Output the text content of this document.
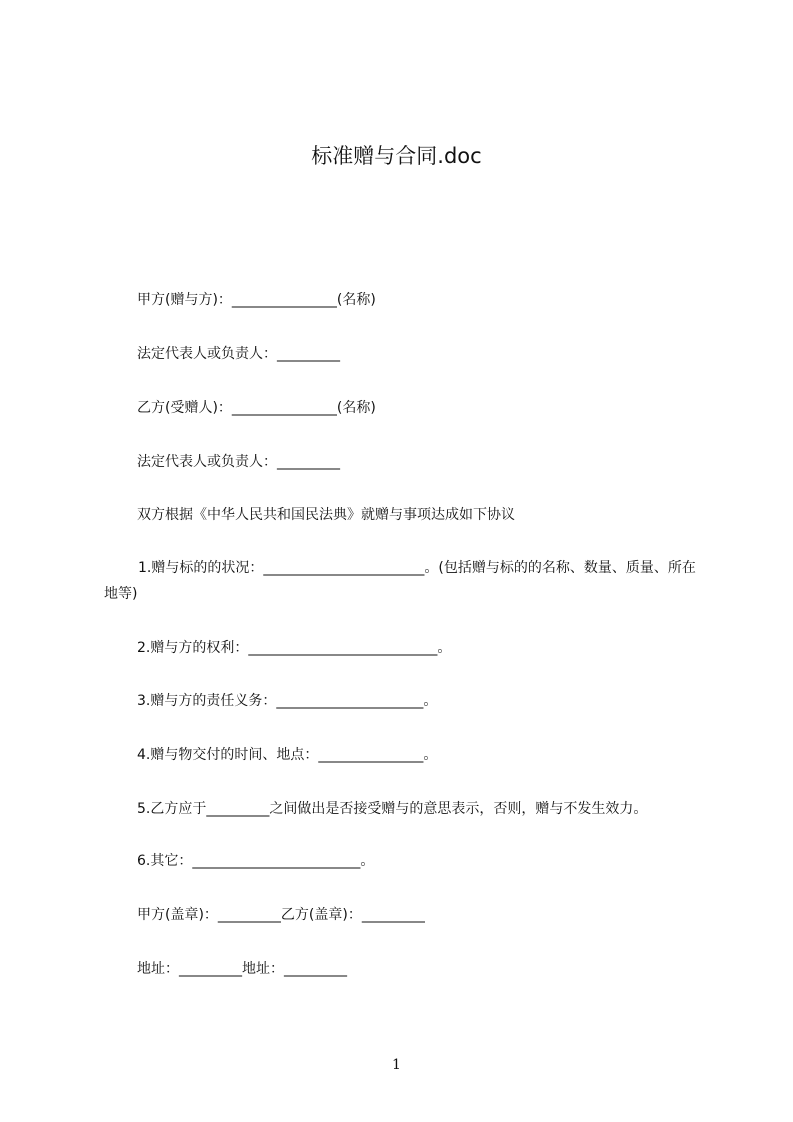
标准赠与合同.doc
甲方(赠与方)：_______________(名称)
法定代表人或负责人：_________
乙方(受赠人)：_______________(名称)
法定代表人或负责人：_________
双方根据《中华人民共和国民法典》就赠与事项达成如下协议
1.赠与标的的状况：_______________________。(包括赠与标的的名称、数量、质量、所在地等)
2.赠与方的权利：___________________________。
3.赠与方的责任义务：_____________________。
4.赠与物交付的时间、地点：_______________。
5.乙方应于_________之间做出是否接受赠与的意思表示，否则，赠与不发生效力。
6.其它：________________________。
甲方(盖章)：_________乙方(盖章)：_________
地址：_________地址：_________
1
